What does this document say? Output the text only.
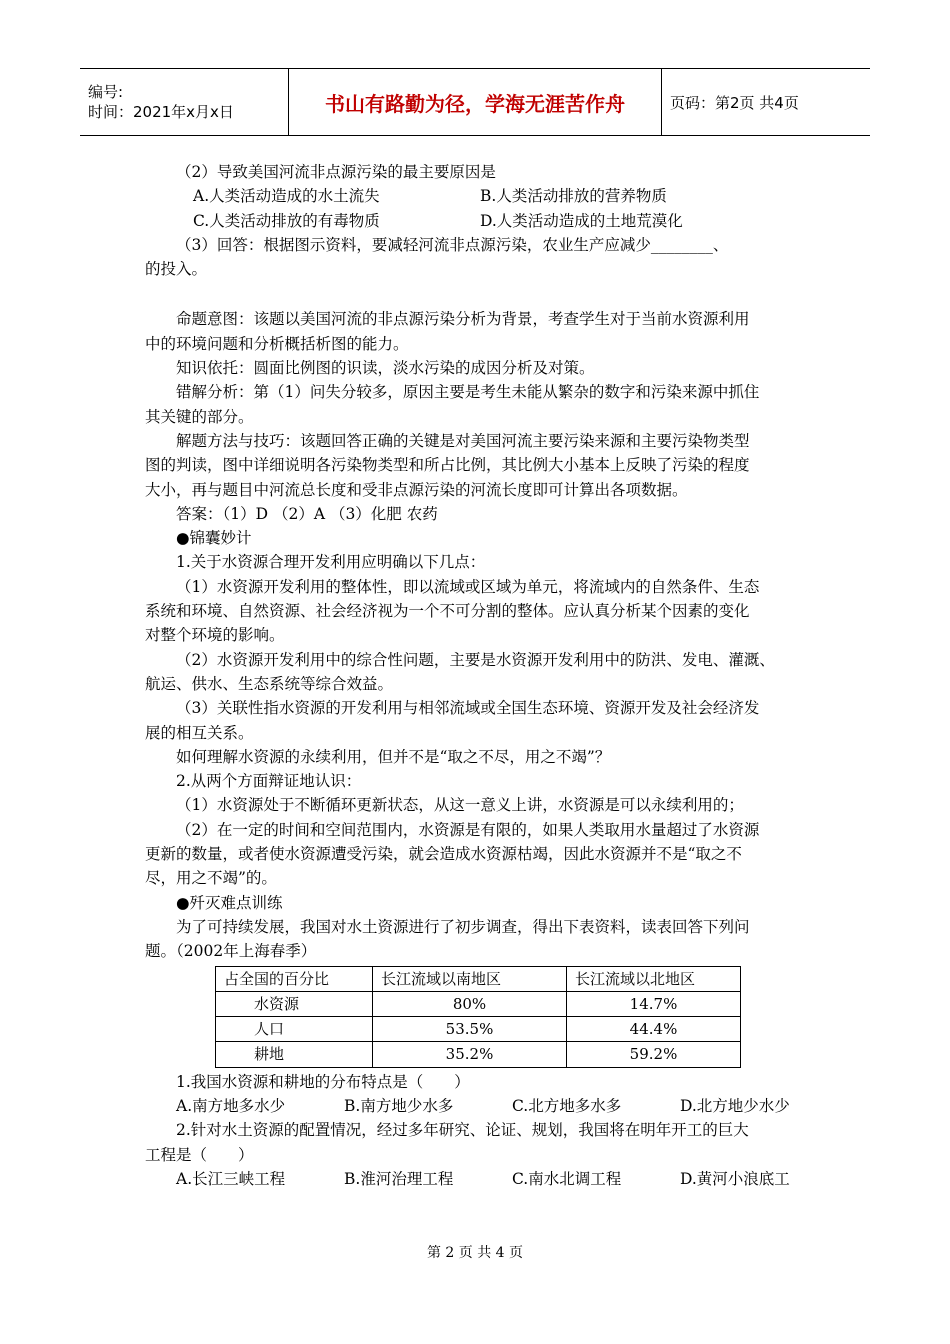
编号:
时间：2021年x月x日	书山有路勤为径，学海无涯苦作舟	页码：第2页 共4页
（2）导致美国河流非点源污染的最主要原因是
A.人类活动造成的水土流失	B.人类活动排放的营养物质
C.人类活动排放的有毒物质	D.人类活动造成的土地荒漠化
（3）回答：根据图示资料，要减轻河流非点源污染，农业生产应减少________、
的投入。
命题意图：该题以美国河流的非点源污染分析为背景，考查学生对于当前水资源利用
中的环境问题和分析概括析图的能力。
知识依托：圆面比例图的识读，淡水污染的成因分析及对策。
错解分析：第（1）问失分较多，原因主要是考生未能从繁杂的数字和污染来源中抓住
其关键的部分。
解题方法与技巧：该题回答正确的关键是对美国河流主要污染来源和主要污染物类型
图的判读，图中详细说明各污染物类型和所占比例，其比例大小基本上反映了污染的程度
大小，再与题目中河流总长度和受非点源污染的河流长度即可计算出各项数据。
答案：（1）D （2）A （3）化肥 农药
●锦囊妙计
1.关于水资源合理开发利用应明确以下几点：
（1）水资源开发利用的整体性，即以流域或区域为单元，将流域内的自然条件、生态
系统和环境、自然资源、社会经济视为一个不可分割的整体。应认真分析某个因素的变化
对整个环境的影响。
（2）水资源开发利用中的综合性问题，主要是水资源开发利用中的防洪、发电、灌溉、
航运、供水、生态系统等综合效益。
（3）关联性指水资源的开发利用与相邻流域或全国生态环境、资源开发及社会经济发
展的相互关系。
如何理解水资源的永续利用，但并不是“取之不尽，用之不竭”？
2.从两个方面辩证地认识：
（1）水资源处于不断循环更新状态，从这一意义上讲，水资源是可以永续利用的；
（2）在一定的时间和空间范围内，水资源是有限的，如果人类取用水量超过了水资源
更新的数量，或者使水资源遭受污染，就会造成水资源枯竭，因此水资源并不是“取之不
尽，用之不竭”的。
●歼灭难点训练
为了可持续发展，我国对水土资源进行了初步调查，得出下表资料，读表回答下列问
题。（2002年上海春季）
占全国的百分比	长江流域以南地区	长江流域以北地区
水资源	80%	14.7%
人口	53.5%	44.4%
耕地	35.2%	59.2%
1.我国水资源和耕地的分布特点是（　　）
A.南方地多水少	B.南方地少水多	C.北方地多水多	D.北方地少水少
2.针对水土资源的配置情况，经过多年研究、论证、规划，我国将在明年开工的巨大
工程是（　　）
A.长江三峡工程	B.淮河治理工程	C.南水北调工程	D.黄河小浪底工
第 2 页 共 4 页
